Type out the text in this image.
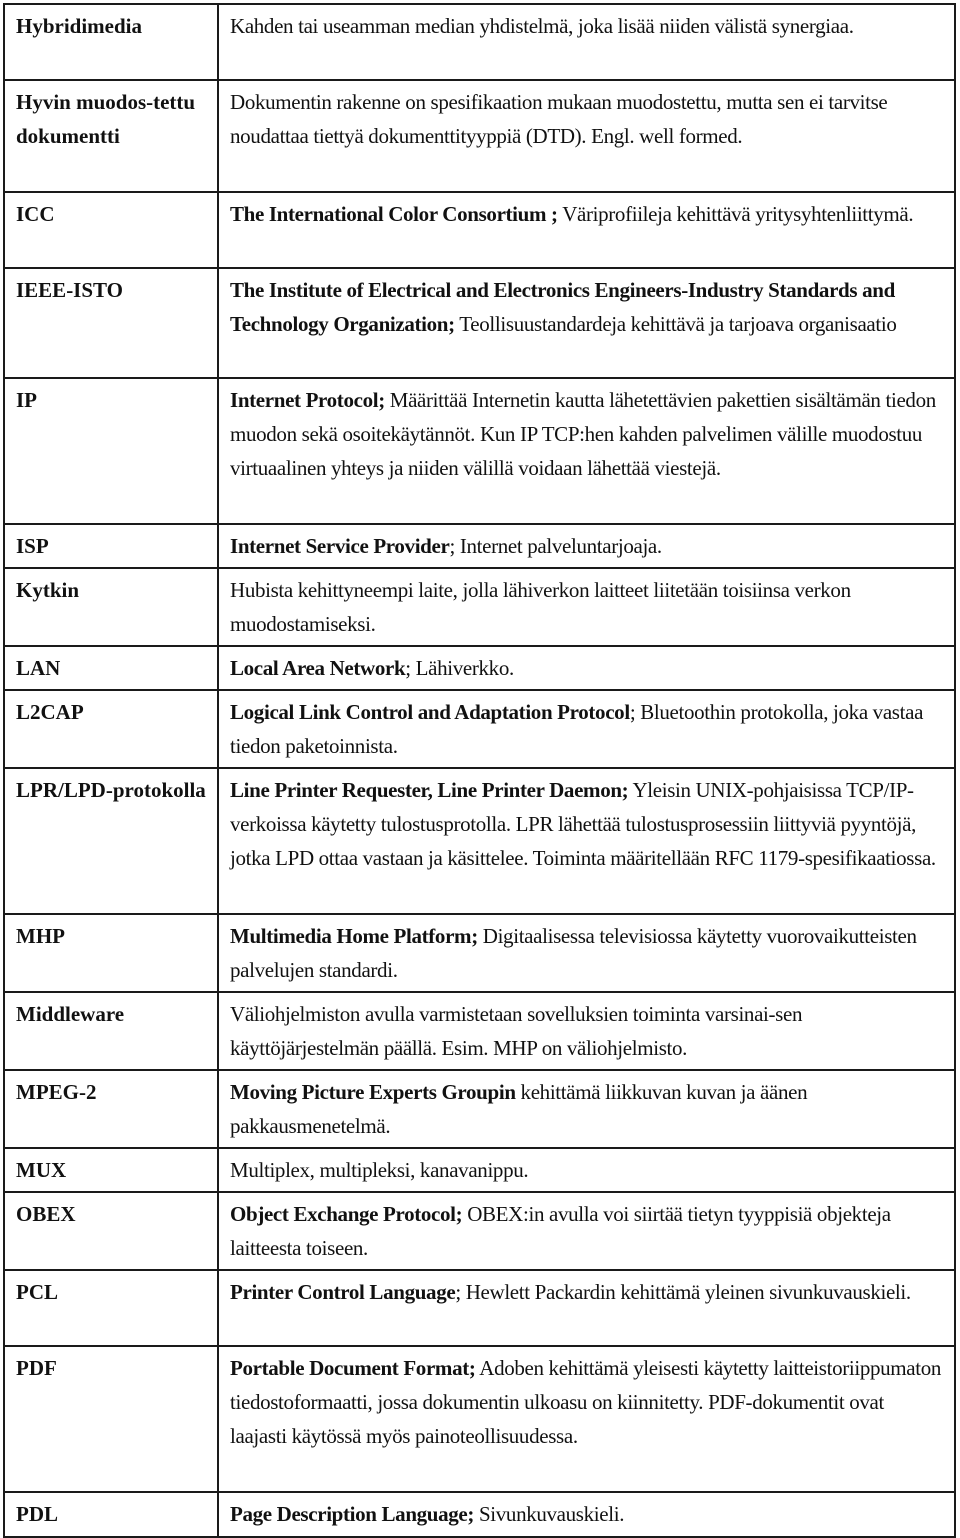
Hybridimedia	Kahden tai useamman median yhdistelmä, joka lisää niiden välistä synergiaa.
Hyvin muodos-tettu dokumentti	Dokumentin rakenne on spesifikaation mukaan muodostettu, mutta sen ei tarvitse noudattaa tiettyä dokumenttityyppiä (DTD). Engl. well formed.
ICC	The International Color Consortium ; Väriprofiileja kehittävä yritysyhtenliittymä.
IEEE-ISTO	The Institute of Electrical and Electronics Engineers-Industry Standards and Technology Organization; Teollisuustandardeja kehittävä ja tarjoava organisaatio
IP	Internet Protocol; Määrittää Internetin kautta lähetettävien pakettien sisältämän tiedon muodon sekä osoitekäytännöt. Kun IP TCP:hen kahden palvelimen välille muodostuu virtuaalinen yhteys ja niiden välillä voidaan lähettää viestejä.
ISP	Internet Service Provider; Internet palveluntarjoaja.
Kytkin	Hubista kehittyneempi laite, jolla lähiverkon laitteet liitetään toisiinsa verkon muodostamiseksi.
LAN	Local Area Network; Lähiverkko.
L2CAP	Logical Link Control and Adaptation Protocol; Bluetoothin protokolla, joka vastaa tiedon paketoinnista.
LPR/LPD-protokolla	Line Printer Requester, Line Printer Daemon; Yleisin UNIX-pohjaisissa TCP/IP-verkoissa käytetty tulostusprotolla. LPR lähettää tulostusprosessiin liittyviä pyyntöjä, jotka LPD ottaa vastaan ja käsittelee. Toiminta määritellään RFC 1179-spesifikaatiossa.
MHP	Multimedia Home Platform; Digitaalisessa televisiossa käytetty vuorovaikutteisten palvelujen standardi.
Middleware	Väliohjelmiston avulla varmistetaan sovelluksien toiminta varsinai-sen käyttöjärjestelmän päällä. Esim. MHP on väliohjelmisto.
MPEG-2	Moving Picture Experts Groupin kehittämä liikkuvan kuvan ja äänen pakkausmenetelmä.
MUX	Multiplex, multipleksi, kanavanippu.
OBEX	Object Exchange Protocol; OBEX:in avulla voi siirtää tietyn tyyppisiä objekteja laitteesta toiseen.
PCL	Printer Control Language; Hewlett Packardin kehittämä yleinen sivunkuvauskieli.
PDF	Portable Document Format; Adoben kehittämä yleisesti käytetty laitteistoriippumaton tiedostoformaatti, jossa dokumentin ulkoasu on kiinnitetty. PDF-dokumentit ovat laajasti käytössä myös painoteollisuudessa.
PDL	Page Description Language; Sivunkuvauskieli.
